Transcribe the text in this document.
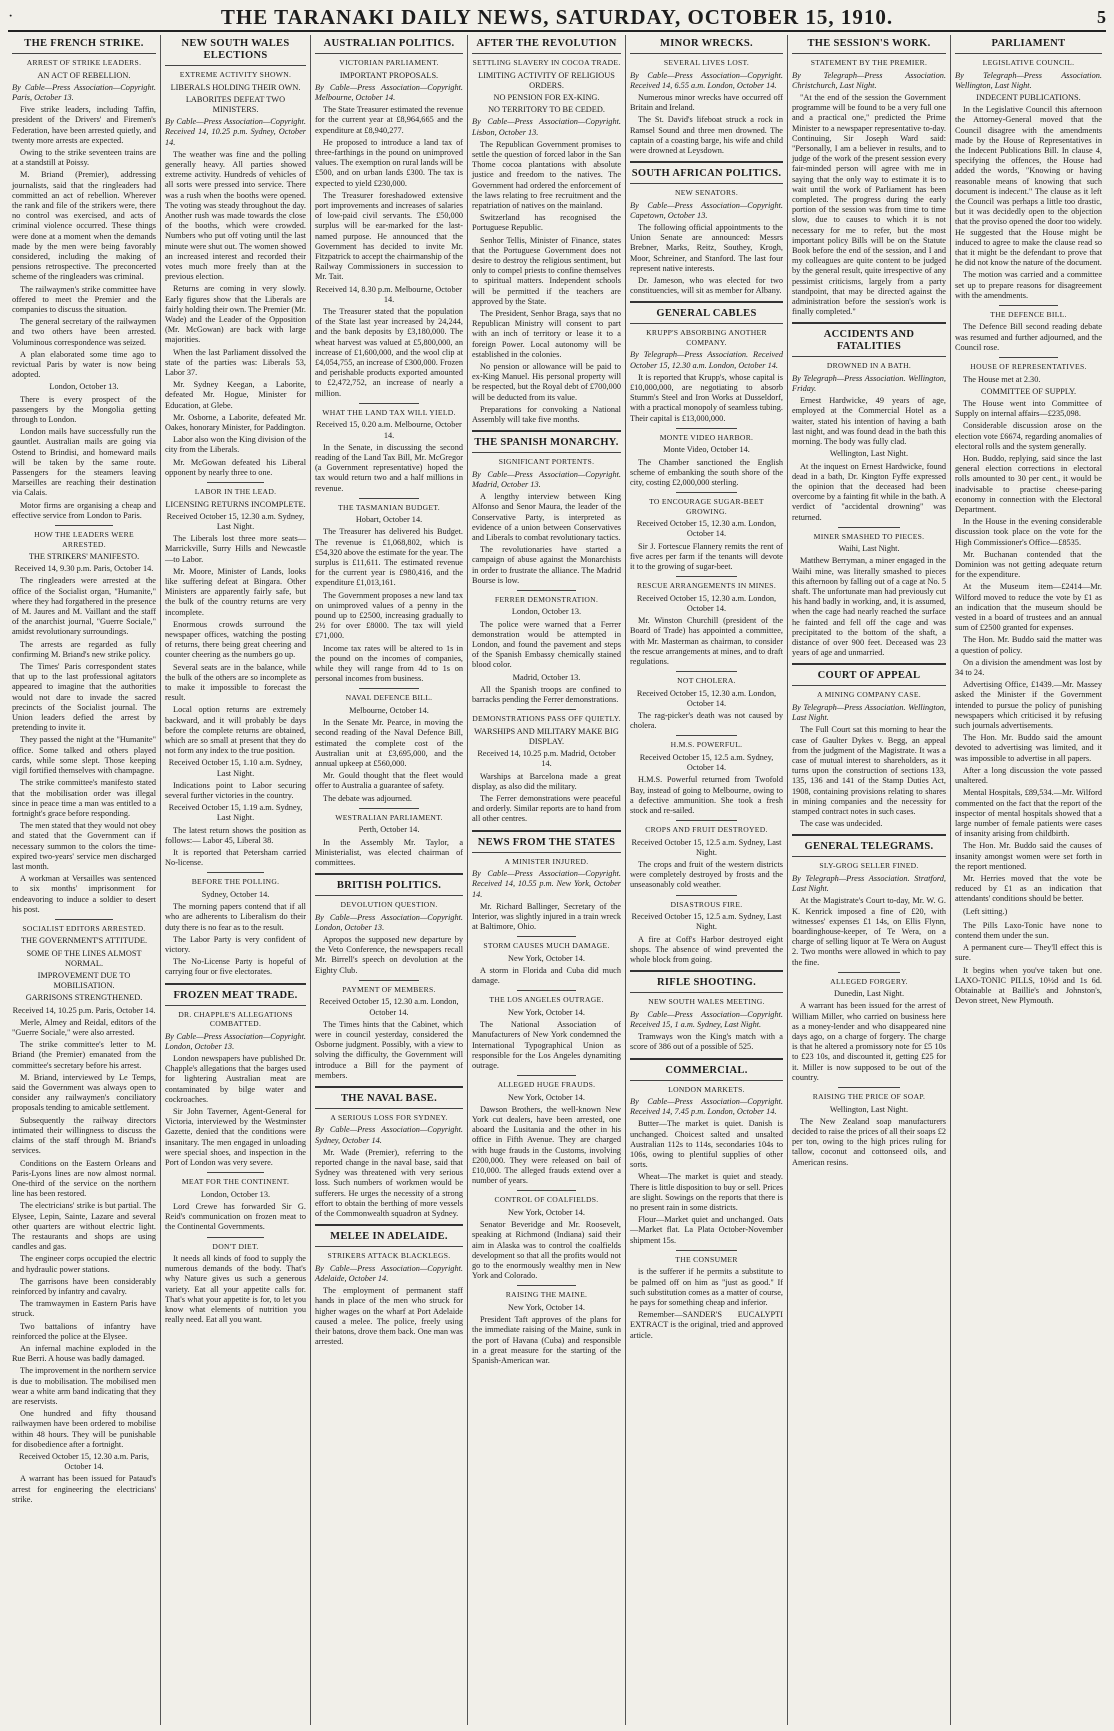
·	THE TARANAKI DAILY NEWS, SATURDAY, OCTOBER 15, 1910.	5
THE FRENCH STRIKE.
ARREST OF STRIKE LEADERS.

AN ACT OF REBELLION.

By Cable—Press Association—Copyright. Paris, October 13.

Five strike leaders, including Taffin, president of the Drivers' and Firemen's Federation, have been arrested quietly, and twenty more arrests are expected.

Owing to the strike seventeen trains are at a standstill at Poissy.

M. Briand (Premier), addressing journalists, said that the ringleaders had committed an act of rebellion. Wherever the rank and file of the strikers were, there no control was exercised, and acts of criminal violence occurred. These things were done at a moment when the demands made by the men were being favorably considered, including the making of pensions retrospective. The preconcerted scheme of the ringleaders was criminal.

The railwaymen's strike committee have offered to meet the Premier and the companies to discuss the situation.

The general secretary of the railwaymen and two others have been arrested. Voluminous correspondence was seized.

A plan elaborated some time ago to revictual Paris by water is now being adopted.

London, October 13.

There is every prospect of the passengers by the Mongolia getting through to London.

London mails have successfully run the gauntlet. Australian mails are going via Ostend to Brindisi, and homeward mails will be taken by the same route. Passengers for the steamers leaving Marseilles are reaching their destination via Calais.

Motor firms are organising a cheap and effective service from London to Paris.

HOW THE LEADERS WERE ARRESTED.

THE STRIKERS' MANIFESTO.

Received 14, 9.30 p.m. Paris, October 14.

The ringleaders were arrested at the office of the Socialist organ, "Humanite," where they had forgathered in the presence of M. Jaures and M. Vaillant and the staff of the anarchist journal, "Guerre Sociale," amidst revolutionary surroundings.

The arrests are regarded as fully confirming M. Briand's new strike policy.

The Times' Paris correspondent states that up to the last professional agitators appeared to imagine that the authorities would not dare to invade the sacred precincts of the Socialist journal. The Union leaders defied the arrest by pretending to invite it.

They passed the night at the "Humanite" office. Some talked and others played cards, while some slept. Those keeping vigil fortified themselves with champagne.

The strike committee's manifesto stated that the mobilisation order was illegal since in peace time a man was entitled to a fortnight's grace before responding.

The men stated that they would not obey and stated that the Government can if necessary summon to the colors the time-expired two-years' service men discharged last month.

A workman at Versailles was sentenced to six months' imprisonment for endeavoring to induce a soldier to desert his post.

SOCIALIST EDITORS ARRESTED.

THE GOVERNMENT'S ATTITUDE.

SOME OF THE LINES ALMOST NORMAL.

IMPROVEMENT DUE TO MOBILISATION.

GARRISONS STRENGTHENED.

Received 14, 10.25 p.m. Paris, October 14.

Merle, Almey and Reidal, editors of the "Guerre Sociale," were also arrested.

The strike committee's letter to M. Briand (the Premier) emanated from the committee's secretary before his arrest.

M. Briand, interviewed by Le Temps, said the Government was always open to consider any railwaymen's conciliatory proposals tending to amicable settlement.

Subsequently the railway directors intimated their willingness to discuss the claims of the staff through M. Briand's services.

Conditions on the Eastern Orleans and Paris-Lyons lines are now almost normal. One-third of the service on the northern line has been restored.

The electricians' strike is but partial. The Elysee, Lepin, Sainte, Lazare and several other quarters are without electric light. The restaurants and shops are using candles and gas.

The engineer corps occupied the electric and hydraulic power stations.

The garrisons have been considerably reinforced by infantry and cavalry.

The tramwaymen in Eastern Paris have struck.

Two battalions of infantry have reinforced the police at the Elysee.

An infernal machine exploded in the Rue Berri. A house was badly damaged.

The improvement in the northern service is due to mobilisation. The mobilised men wear a white arm band indicating that they are reservists.

One hundred and fifty thousand railwaymen have been ordered to mobilise within 48 hours. They will be punishable for disobedience after a fortnight.

Received October 15, 12.30 a.m. Paris, October 14.

A warrant has been issued for Pataud's arrest for engineering the electricians' strike.

NEW SOUTH WALES ELECTIONS
EXTREME ACTIVITY SHOWN.

LIBERALS HOLDING THEIR OWN.

LABORITES DEFEAT TWO MINISTERS.

By Cable—Press Association—Copyright. Received 14, 10.25 p.m. Sydney, October 14.

The weather was fine and the polling generally heavy. All parties showed extreme activity. Hundreds of vehicles of all sorts were pressed into service. There was a rush when the booths were opened. The voting was steady throughout the day. Another rush was made towards the close of the booths, which were crowded. Numbers who put off voting until the last minute were shut out. The women showed an increased interest and recorded their votes much more freely than at the previous election.

Returns are coming in very slowly. Early figures show that the Liberals are fairly holding their own. The Premier (Mr. Wade) and the Leader of the Opposition (Mr. McGowan) are back with large majorities.

When the last Parliament dissolved the state of the parties was: Liberals 53, Labor 37.

Mr. Sydney Keegan, a Laborite, defeated Mr. Hogue, Minister for Education, at Glebe.

Mr. Osborne, a Laborite, defeated Mr. Oakes, honorary Minister, for Paddington.

Labor also won the King division of the city from the Liberals.

Mr. McGowan defeated his Liberal opponent by nearly three to one.

LABOR IN THE LEAD.

LICENSING RETURNS INCOMPLETE.

Received October 15, 12.30 a.m. Sydney, Last Night.

The Liberals lost three more seats—Marrickville, Surry Hills and Newcastle—to Labor.

Mr. Moore, Minister of Lands, looks like suffering defeat at Bingara. Other Ministers are apparently fairly safe, but the bulk of the country returns are very incomplete.

Enormous crowds surround the newspaper offices, watching the posting of returns, there being great cheering and counter cheering as the numbers go up.

Several seats are in the balance, while the bulk of the others are so incomplete as to make it impossible to forecast the result.

Local option returns are extremely backward, and it will probably be days before the complete returns are obtained, which are so small at present that they do not form any index to the true position.

Received October 15, 1.10 a.m. Sydney, Last Night.

Indications point to Labor securing several further victories in the country.

Received October 15, 1.19 a.m. Sydney, Last Night.

The latest return shows the position as follows:— Labor 45, Liberal 38.

It is reported that Petersham carried No-license.

BEFORE THE POLLING.

Sydney, October 14.

The morning papers contend that if all who are adherents to Liberalism do their duty there is no fear as to the result.

The Labor Party is very confident of victory.

The No-License Party is hopeful of carrying four or five electorates.

FROZEN MEAT TRADE.
DR. CHAPPLE'S ALLEGATIONS COMBATTED.

By Cable—Press Association—Copyright. London, October 13.

London newspapers have published Dr. Chapple's allegations that the barges used for lightering Australian meat are contaminated by bilge water and cockroaches.

Sir John Taverner, Agent-General for Victoria, interviewed by the Westminster Gazette, denied that the conditions were insanitary. The men engaged in unloading were special shoes, and inspection in the Port of London was very severe.

MEAT FOR THE CONTINENT.

London, October 13.

Lord Crewe has forwarded Sir G. Reid's communication on frozen meat to the Continental Governments.

DON'T DIET.

It needs all kinds of food to supply the numerous demands of the body. That's why Nature gives us such a generous variety. Eat all your appetite calls for. That's what your appetite is for, to let you know what elements of nutrition you really need. Eat all you want.

AUSTRALIAN POLITICS.
VICTORIAN PARLIAMENT.

IMPORTANT PROPOSALS.

By Cable—Press Association—Copyright. Melbourne, October 14.

The State Treasurer estimated the revenue for the current year at £8,964,665 and the expenditure at £8,940,277.

He proposed to introduce a land tax of three-farthings in the pound on unimproved values. The exemption on rural lands will be £500, and on urban lands £300. The tax is expected to yield £230,000.

The Treasurer foreshadowed extensive port improvements and increases of salaries of low-paid civil servants. The £50,000 surplus will be ear-marked for the last-named purpose. He announced that the Government has decided to invite Mr. Fitzpatrick to accept the chairmanship of the Railway Commissioners in succession to Mr. Tait.

Received 14, 8.30 p.m. Melbourne, October 14.

The Treasurer stated that the population of the State last year increased by 24,244, and the bank deposits by £3,180,000. The wheat harvest was valued at £5,800,000, an increase of £1,600,000, and the wool clip at £4,054,755, an increase of £300,000. Frozen and perishable products exported amounted to £2,472,752, an increase of nearly a million.

WHAT THE LAND TAX WILL YIELD.

Received 15, 0.20 a.m. Melbourne, October 14.

In the Senate, in discussing the second reading of the Land Tax Bill, Mr. McGregor (a Government representative) hoped the tax would return two and a half millions in revenue.

THE TASMANIAN BUDGET.

Hobart, October 14.

The Treasurer has delivered his Budget. The revenue is £1,068,802, which is £54,320 above the estimate for the year. The surplus is £11,611. The estimated revenue for the current year is £980,416, and the expenditure £1,013,161.

The Government proposes a new land tax on unimproved values of a penny in the pound up to £2500, increasing gradually to 2½ for over £8000. The tax will yield £71,000.

Income tax rates will be altered to 1s in the pound on the incomes of companies, while they will range from 4d to 1s on personal incomes from business.

NAVAL DEFENCE BILL.

Melbourne, October 14.

In the Senate Mr. Pearce, in moving the second reading of the Naval Defence Bill, estimated the complete cost of the Australian unit at £3,695,000, and the annual upkeep at £560,000.

Mr. Gould thought that the fleet would offer to Australia a guarantee of safety.

The debate was adjourned.

WESTRALIAN PARLIAMENT.

Perth, October 14.

In the Assembly Mr. Taylor, a Ministerialist, was elected chairman of committees.

BRITISH POLITICS.
DEVOLUTION QUESTION.

By Cable—Press Association—Copyright. London, October 13.

Apropos the supposed new departure by the Veto Conference, the newspapers recall Mr. Birrell's speech on devolution at the Eighty Club.

PAYMENT OF MEMBERS.

Received October 15, 12.30 a.m. London, October 14.

The Times hints that the Cabinet, which were in council yesterday, considered the Osborne judgment. Possibly, with a view to solving the difficulty, the Government will introduce a Bill for the payment of members.

THE NAVAL BASE.
A SERIOUS LOSS FOR SYDNEY.

By Cable—Press Association—Copyright. Sydney, October 14.

Mr. Wade (Premier), referring to the reported change in the naval base, said that Sydney was threatened with very serious loss. Such numbers of workmen would be sufferers. He urges the necessity of a strong effort to obtain the berthing of more vessels of the Commonwealth squadron at Sydney.

MELEE IN ADELAIDE.
STRIKERS ATTACK BLACKLEGS.

By Cable—Press Association—Copyright. Adelaide, October 14.

The employment of permanent staff hands in place of the men who struck for higher wages on the wharf at Port Adelaide caused a melee. The police, freely using their batons, drove them back. One man was arrested.

AFTER THE REVOLUTION
SETTLING SLAVERY IN COCOA TRADE.

LIMITING ACTIVITY OF RELIGIOUS ORDERS.

NO PENSION FOR EX-KING.

NO TERRITORY TO BE CEDED.

By Cable—Press Association—Copyright. Lisbon, October 13.

The Republican Government promises to settle the question of forced labor in the San Thome cocoa plantations with absolute justice and freedom to the natives. The Government had ordered the enforcement of the laws relating to free recruitment and the repatriation of natives on the mainland.

Switzerland has recognised the Portuguese Republic.

Senhor Tellis, Minister of Finance, states that the Portuguese Government does not desire to destroy the religious sentiment, but only to compel priests to confine themselves to spiritual matters. Independent schools will be permitted if the teachers are approved by the State.

The President, Senhor Braga, says that no Republican Ministry will consent to part with an inch of territory or lease it to a foreign Power. Local autonomy will be established in the colonies.

No pension or allowance will be paid to ex-King Manuel. His personal property will be respected, but the Royal debt of £700,000 will be deducted from its value.

Preparations for convoking a National Assembly will take five months.

THE SPANISH MONARCHY.
SIGNIFICANT PORTENTS.

By Cable—Press Association—Copyright. Madrid, October 13.

A lengthy interview between King Alfonso and Senor Maura, the leader of the Conservative Party, is interpreted as evidence of a union between Conservatives and Liberals to combat revolutionary tactics.

The revolutionaries have started a campaign of abuse against the Monarchists in order to frustrate the alliance. The Madrid Bourse is low.

FERRER DEMONSTRATION.

London, October 13.

The police were warned that a Ferrer demonstration would be attempted in London, and found the pavement and steps of the Spanish Embassy chemically stained blood color.

Madrid, October 13.

All the Spanish troops are confined to barracks pending the Ferrer demonstrations.

DEMONSTRATIONS PASS OFF QUIETLY.

WARSHIPS AND MILITARY MAKE BIG DISPLAY.

Received 14, 10.25 p.m. Madrid, October 14.

Warships at Barcelona made a great display, as also did the military.

The Ferrer demonstrations were peaceful and orderly. Similar reports are to hand from all other centres.

NEWS FROM THE STATES
A MINISTER INJURED.

By Cable—Press Association—Copyright. Received 14, 10.55 p.m. New York, October 14.

Mr. Richard Ballinger, Secretary of the Interior, was slightly injured in a train wreck at Baltimore, Ohio.

STORM CAUSES MUCH DAMAGE.

New York, October 14.

A storm in Florida and Cuba did much damage.

THE LOS ANGELES OUTRAGE.

New York, October 14.

The National Association of Manufacturers of New York condemned the International Typographical Union as responsible for the Los Angeles dynamiting outrage.

ALLEGED HUGE FRAUDS.

New York, October 14.

Dawson Brothers, the well-known New York cut dealers, have been arrested, one aboard the Lusitania and the other in his office in Fifth Avenue. They are charged with huge frauds in the Customs, involving £200,000. They were released on bail of £10,000. The alleged frauds extend over a number of years.

CONTROL OF COALFIELDS.

New York, October 14.

Senator Beveridge and Mr. Roosevelt, speaking at Richmond (Indiana) said their aim in Alaska was to control the coalfields development so that all the profits would not go to the enormously wealthy men in New York and Colorado.

RAISING THE MAINE.

New York, October 14.

President Taft approves of the plans for the immediate raising of the Maine, sunk in the port of Havana (Cuba) and responsible in a great measure for the starting of the Spanish-American war.

MINOR WRECKS.
SEVERAL LIVES LOST.

By Cable—Press Association—Copyright. Received 14, 6.55 a.m. London, October 14.

Numerous minor wrecks have occurred off Britain and Ireland.

The St. David's lifeboat struck a rock in Ramsel Sound and three men drowned. The captain of a coasting barge, his wife and child were drowned at Leysdown.

SOUTH AFRICAN POLITICS.
NEW SENATORS.

By Cable—Press Association—Copyright. Capetown, October 13.

The following official appointments to the Union Senate are announced: Messrs Brebner, Marks, Reitz, Southey, Krogh, Moor, Schreiner, and Stanford. The last four represent native interests.

Dr. Jameson, who was elected for two constituencies, will sit as member for Albany.

GENERAL CABLES
KRUPP'S ABSORBING ANOTHER COMPANY.

By Telegraph—Press Association. Received October 15, 12.30 a.m. London, October 14.

It is reported that Krupp's, whose capital is £10,000,000, are negotiating to absorb Stumm's Steel and Iron Works at Dusseldorf, with a practical monopoly of seamless tubing. Their capital is £13,000,000.

MONTE VIDEO HARBOR.

Monte Video, October 14.

The Chamber sanctioned the English scheme of embanking the south shore of the city, costing £2,000,000 sterling.

TO ENCOURAGE SUGAR-BEET GROWING.

Received October 15, 12.30 a.m. London, October 14.

Sir J. Fortescue Flannery remits the rent of five acres per farm if the tenants will devote it to the growing of sugar-beet.

RESCUE ARRANGEMENTS IN MINES.

Received October 15, 12.30 a.m. London, October 14.

Mr. Winston Churchill (president of the Board of Trade) has appointed a committee, with Mr. Masterman as chairman, to consider the rescue arrangements at mines, and to draft regulations.

NOT CHOLERA.

Received October 15, 12.30 a.m. London, October 14.

The rag-picker's death was not caused by cholera.

H.M.S. POWERFUL.

Received October 15, 12.5 a.m. Sydney, October 14.

H.M.S. Powerful returned from Twofold Bay, instead of going to Melbourne, owing to a defective ammunition. She took a fresh stock and re-sailed.

CROPS AND FRUIT DESTROYED.

Received October 15, 12.5 a.m. Sydney, Last Night.

The crops and fruit of the western districts were completely destroyed by frosts and the unseasonably cold weather.

DISASTROUS FIRE.

Received October 15, 12.5 a.m. Sydney, Last Night.

A fire at Coff's Harbor destroyed eight shops. The absence of wind prevented the whole block from going.

RIFLE SHOOTING.
NEW SOUTH WALES MEETING.

By Cable—Press Association—Copyright. Received 15, 1 a.m. Sydney, Last Night.

Tramways won the King's match with a score of 386 out of a possible of 525.

COMMERCIAL.
LONDON MARKETS.

By Cable—Press Association—Copyright. Received 14, 7.45 p.m. London, October 14.

Butter—The market is quiet. Danish is unchanged. Choicest salted and unsalted Australian 112s to 114s, secondaries 104s to 106s, owing to plentiful supplies of other sorts.

Wheat—The market is quiet and steady. There is little disposition to buy or sell. Prices are slight. Sowings on the reports that there is no present rain in some districts.

Flour—Market quiet and unchanged. Oats—Market flat. La Plata October-November shipment 15s.

THE CONSUMER

is the sufferer if he permits a substitute to be palmed off on him as "just as good." If such substitution comes as a matter of course, he pays for something cheap and inferior.

Remember—SANDER'S EUCALYPTI EXTRACT is the original, tried and approved article.

THE SESSION'S WORK.
STATEMENT BY THE PREMIER.

By Telegraph—Press Association. Christchurch, Last Night.

"At the end of the session the Government programme will be found to be a very full one and a practical one," predicted the Prime Minister to a newspaper representative to-day. Continuing, Sir Joseph Ward said: "Personally, I am a believer in results, and to judge of the work of the present session every fair-minded person will agree with me in saying that the only way to estimate it is to wait until the work of Parliament has been completed. The progress during the early portion of the session was from time to time slow, due to causes to which it is not necessary for me to refer, but the most important policy Bills will be on the Statute Book before the end of the session, and I and my colleagues are quite content to be judged by the general result, quite irrespective of any pessimist criticisms, largely from a party standpoint, that may be directed against the administration before the session's work is finally completed."

ACCIDENTS AND FATALITIES
DROWNED IN A BATH.

By Telegraph—Press Association. Wellington, Friday.

Ernest Hardwicke, 49 years of age, employed at the Commercial Hotel as a waiter, stated his intention of having a bath last night, and was found dead in the bath this morning. The body was fully clad.

Wellington, Last Night.

At the inquest on Ernest Hardwicke, found dead in a bath, Dr. Kington Fyffe expressed the opinion that the deceased had been overcome by a fainting fit while in the bath. A verdict of "accidental drowning" was returned.

MINER SMASHED TO PIECES.

Waihi, Last Night.

Matthew Berryman, a miner engaged in the Waihi mine, was literally smashed to pieces this afternoon by falling out of a cage at No. 5 shaft. The unfortunate man had previously cut his hand badly in working, and, it is assumed, when the cage had nearly reached the surface he fainted and fell off the cage and was precipitated to the bottom of the shaft, a distance of over 900 feet. Deceased was 23 years of age and unmarried.

COURT OF APPEAL
A MINING COMPANY CASE.

By Telegraph—Press Association. Wellington, Last Night.

The Full Court sat this morning to hear the case of Gaulter Dykes v. Begg, an appeal from the judgment of the Magistrate. It was a case of mutual interest to shareholders, as it turns upon the construction of sections 133, 135, 136 and 141 of the Stamp Duties Act, 1908, containing provisions relating to shares in mining companies and the necessity for stamped contract notes in such cases.

The case was undecided.

GENERAL TELEGRAMS.
SLY-GROG SELLER FINED.

By Telegraph—Press Association. Stratford, Last Night.

At the Magistrate's Court to-day, Mr. W. G. K. Kenrick imposed a fine of £20, with witnesses' expenses £1 14s, on Ellis Flynn, boardinghouse-keeper, of Te Wera, on a charge of selling liquor at Te Wera on August 2. Two months were allowed in which to pay the fine.

ALLEGED FORGERY.

Dunedin, Last Night.

A warrant has been issued for the arrest of William Miller, who carried on business here as a money-lender and who disappeared nine days ago, on a charge of forgery. The charge is that he altered a promissory note for £5 10s to £23 10s, and discounted it, getting £25 for it. Miller is now supposed to be out of the country.

RAISING THE PRICE OF SOAP.

Wellington, Last Night.

The New Zealand soap manufacturers decided to raise the prices of all their soaps £2 per ton, owing to the high prices ruling for tallow, coconut and cottonseed oils, and American resins.

PARLIAMENT
LEGISLATIVE COUNCIL.

By Telegraph—Press Association. Wellington, Last Night.

INDECENT PUBLICATIONS.

In the Legislative Council this afternoon the Attorney-General moved that the Council disagree with the amendments made by the House of Representatives in the Indecent Publications Bill. In clause 4, specifying the offences, the House had added the words, "Knowing or having reasonable means of knowing that such document is indecent." The clause as it left the Council was perhaps a little too drastic, but it was decidedly open to the objection that the proviso opened the door too widely. He suggested that the House might be induced to agree to make the clause read so that it might be the defendant to prove that he did not know the nature of the document.

The motion was carried and a committee set up to prepare reasons for disagreement with the amendments.

THE DEFENCE BILL.

The Defence Bill second reading debate was resumed and further adjourned, and the Council rose.

HOUSE OF REPRESENTATIVES.

The House met at 2.30.

COMMITTEE OF SUPPLY.

The House went into Committee of Supply on internal affairs—£235,098.

Considerable discussion arose on the election vote £6674, regarding anomalies of electoral rolls and the system generally.

Hon. Buddo, replying, said since the last general election corrections in electoral rolls amounted to 30 per cent., it would be inadvisable to practise cheese-paring economy in connection with the Electoral Department.

In the House in the evening considerable discussion took place on the vote for the High Commissioner's Office—£8535.

Mr. Buchanan contended that the Dominion was not getting adequate return for the expenditure.

At the Museum item—£2414—Mr. Wilford moved to reduce the vote by £1 as an indication that the museum should be vested in a board of trustees and an annual sum of £2500 granted for expenses.

The Hon. Mr. Buddo said the matter was a question of policy.

On a division the amendment was lost by 34 to 24.

Advertising Office, £1439.—Mr. Massey asked the Minister if the Government intended to pursue the policy of punishing newspapers which criticised it by refusing such journals advertisements.

The Hon. Mr. Buddo said the amount devoted to advertising was limited, and it was impossible to advertise in all papers.

After a long discussion the vote passed unaltered.

Mental Hospitals, £89,534.—Mr. Wilford commented on the fact that the report of the inspector of mental hospitals showed that a large number of female patients were cases of insanity arising from childbirth.

The Hon. Mr. Buddo said the causes of insanity amongst women were set forth in the report mentioned.

Mr. Herries moved that the vote be reduced by £1 as an indication that attendants' conditions should be better.

(Left sitting.)

The Pills Laxo-Tonic have none to contend them under the sun.

A permanent cure— They'll effect this is sure.

It begins when you've taken but one. LAXO-TONIC PILLS, 10½d and 1s 6d. Obtainable at Baillie's and Johnston's, Devon street, New Plymouth.
